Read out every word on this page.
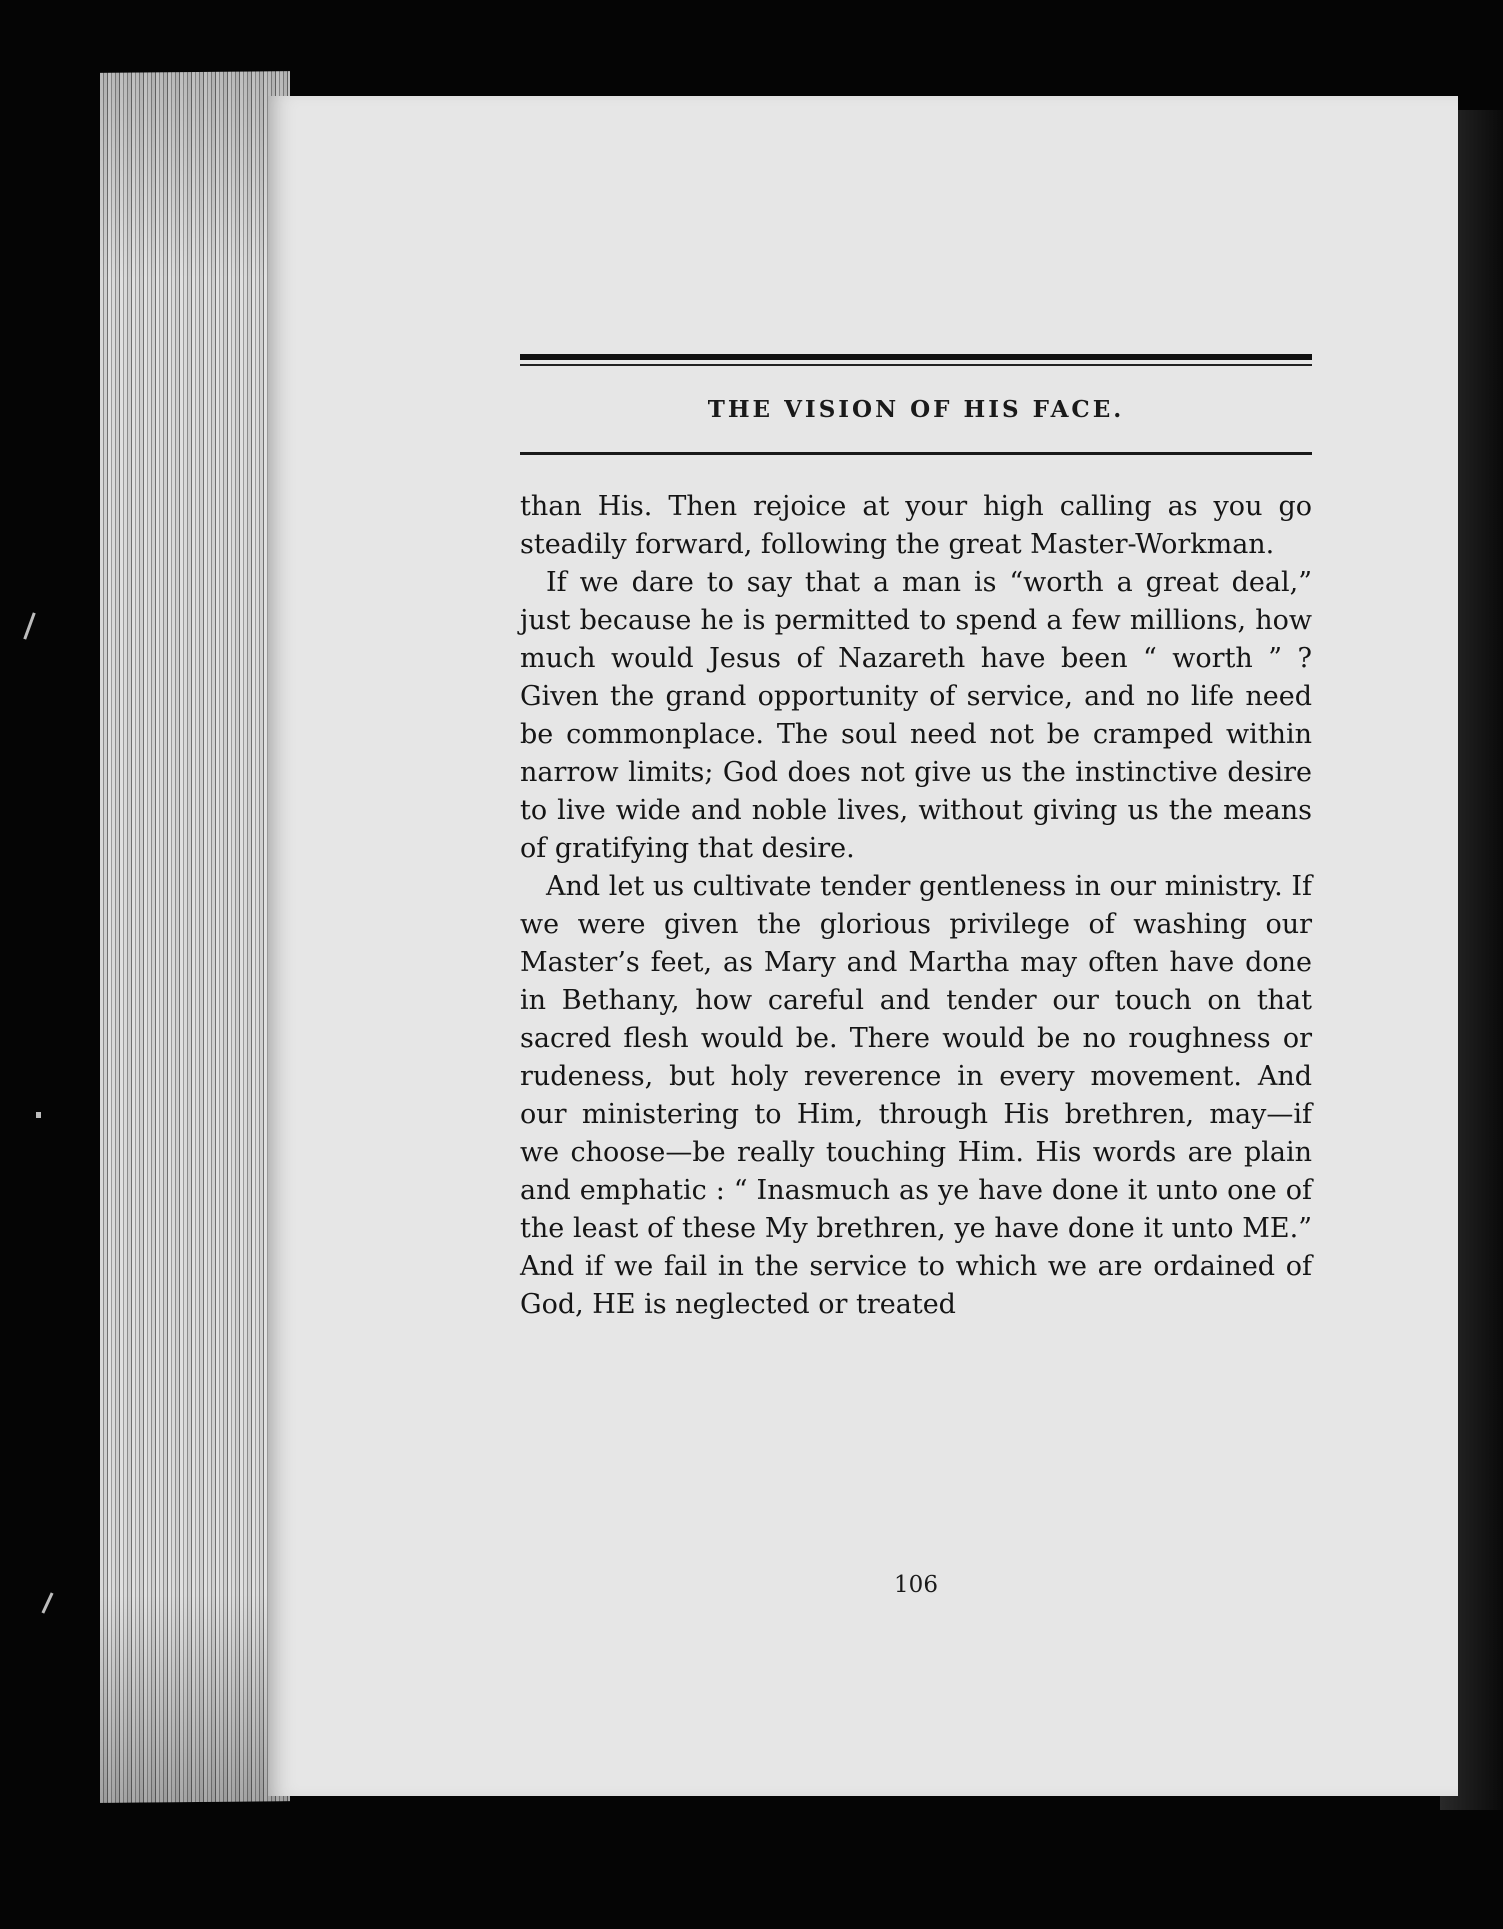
THE VISION OF HIS FACE.

than His. Then rejoice at your high calling as you go steadily forward, following the great Master-Workman.

If we dare to say that a man is “worth a great deal,” just because he is permitted to spend a few millions, how much would Jesus of Nazareth have been “ worth ” ? Given the grand opportunity of service, and no life need be commonplace. The soul need not be cramped within narrow limits; God does not give us the instinctive desire to live wide and noble lives, without giving us the means of gratifying that desire.

And let us cultivate tender gentleness in our ministry. If we were given the glorious privilege of washing our Master’s feet, as Mary and Martha may often have done in Bethany, how careful and tender our touch on that sacred flesh would be. There would be no roughness or rudeness, but holy reverence in every movement. And our ministering to Him, through His brethren, may—if we choose—be really touching Him. His words are plain and emphatic : “ Inasmuch as ye have done it unto one of the least of these My brethren, ye have done it unto ME.” And if we fail in the service to which we are ordained of God, HE is neglected or treated

106
